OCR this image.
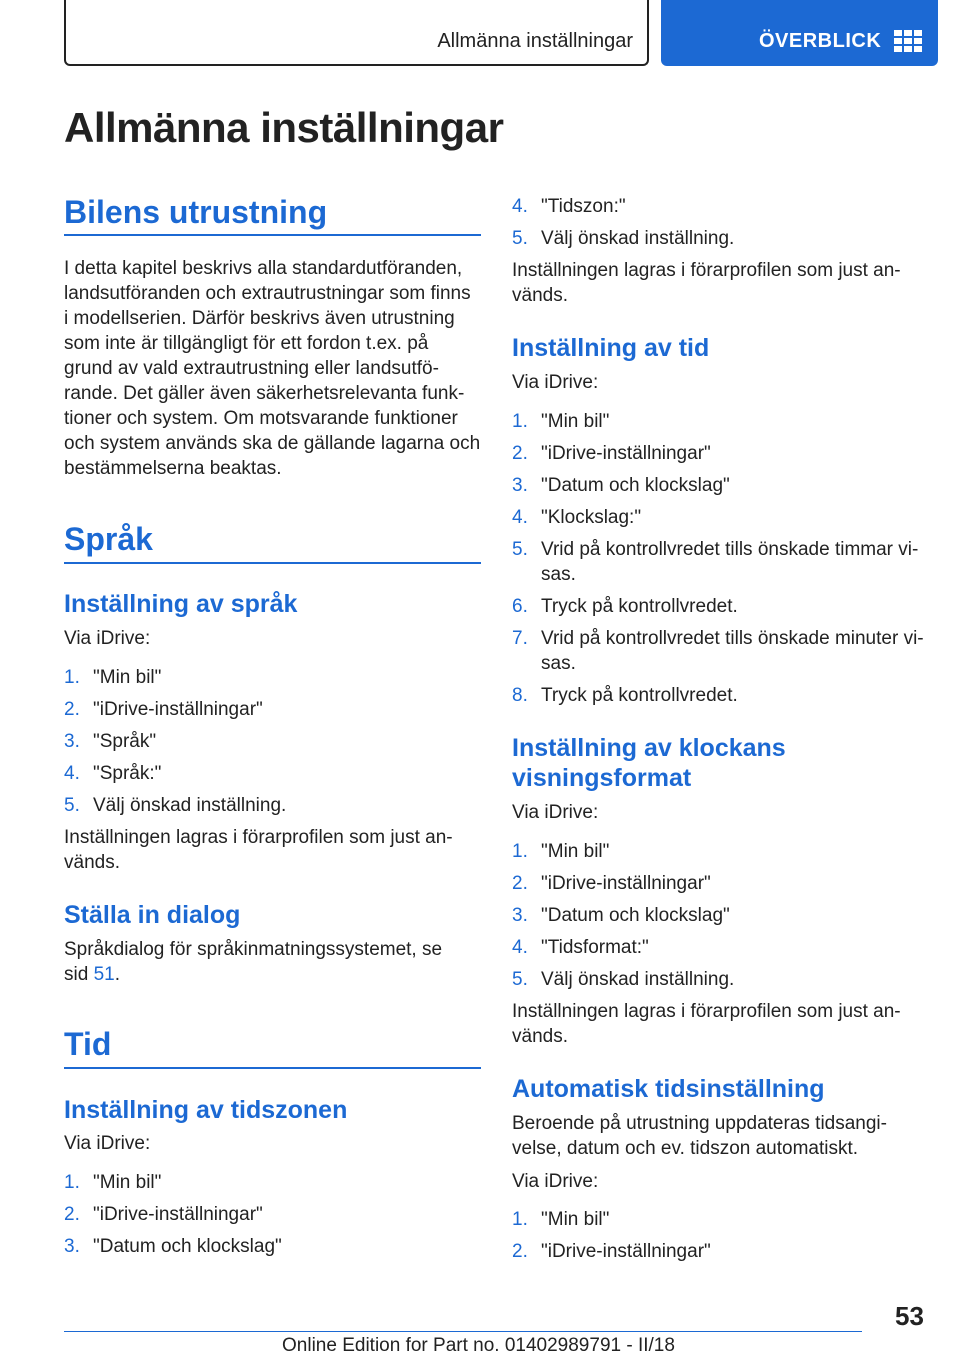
Allmänna inställningar	ÖVERBLICK
Allmänna inställningar
Bilens utrustning
I detta kapitel beskrivs alla standardutföranden,
landsutföranden och extrautrustningar som finns
i modellserien. Därför beskrivs även utrustning
som inte är tillgängligt för ett fordon t.ex. på
grund av vald extrautrustning eller landsutfö-
rande. Det gäller även säkerhetsrelevanta funk-
tioner och system. Om motsvarande funktioner
och system används ska de gällande lagarna och
bestämmelserna beaktas.
Språk
Inställning av språk
Via iDrive:
1. "Min bil"
2. "iDrive-inställningar"
3. "Språk"
4. "Språk:"
5. Välj önskad inställning.
Inställningen lagras i förarprofilen som just an-
vänds.
Ställa in dialog
Språkdialog för språkinmatningssystemet, se
sid 51.
Tid
Inställning av tidszonen
Via iDrive:
1. "Min bil"
2. "iDrive-inställningar"
3. "Datum och klockslag"
4. "Tidszon:"
5. Välj önskad inställning.
Inställningen lagras i förarprofilen som just an-
vänds.
Inställning av tid
Via iDrive:
1. "Min bil"
2. "iDrive-inställningar"
3. "Datum och klockslag"
4. "Klockslag:"
5. Vrid på kontrollvredet tills önskade timmar vi-
sas.
6. Tryck på kontrollvredet.
7. Vrid på kontrollvredet tills önskade minuter vi-
sas.
8. Tryck på kontrollvredet.
Inställning av klockans
visningsformat
Via iDrive:
1. "Min bil"
2. "iDrive-inställningar"
3. "Datum och klockslag"
4. "Tidsformat:"
5. Välj önskad inställning.
Inställningen lagras i förarprofilen som just an-
vänds.
Automatisk tidsinställning
Beroende på utrustning uppdateras tidsangi-
velse, datum och ev. tidszon automatiskt.
Via iDrive:
1. "Min bil"
2. "iDrive-inställningar"
53
Online Edition for Part no. 01402989791 - II/18
